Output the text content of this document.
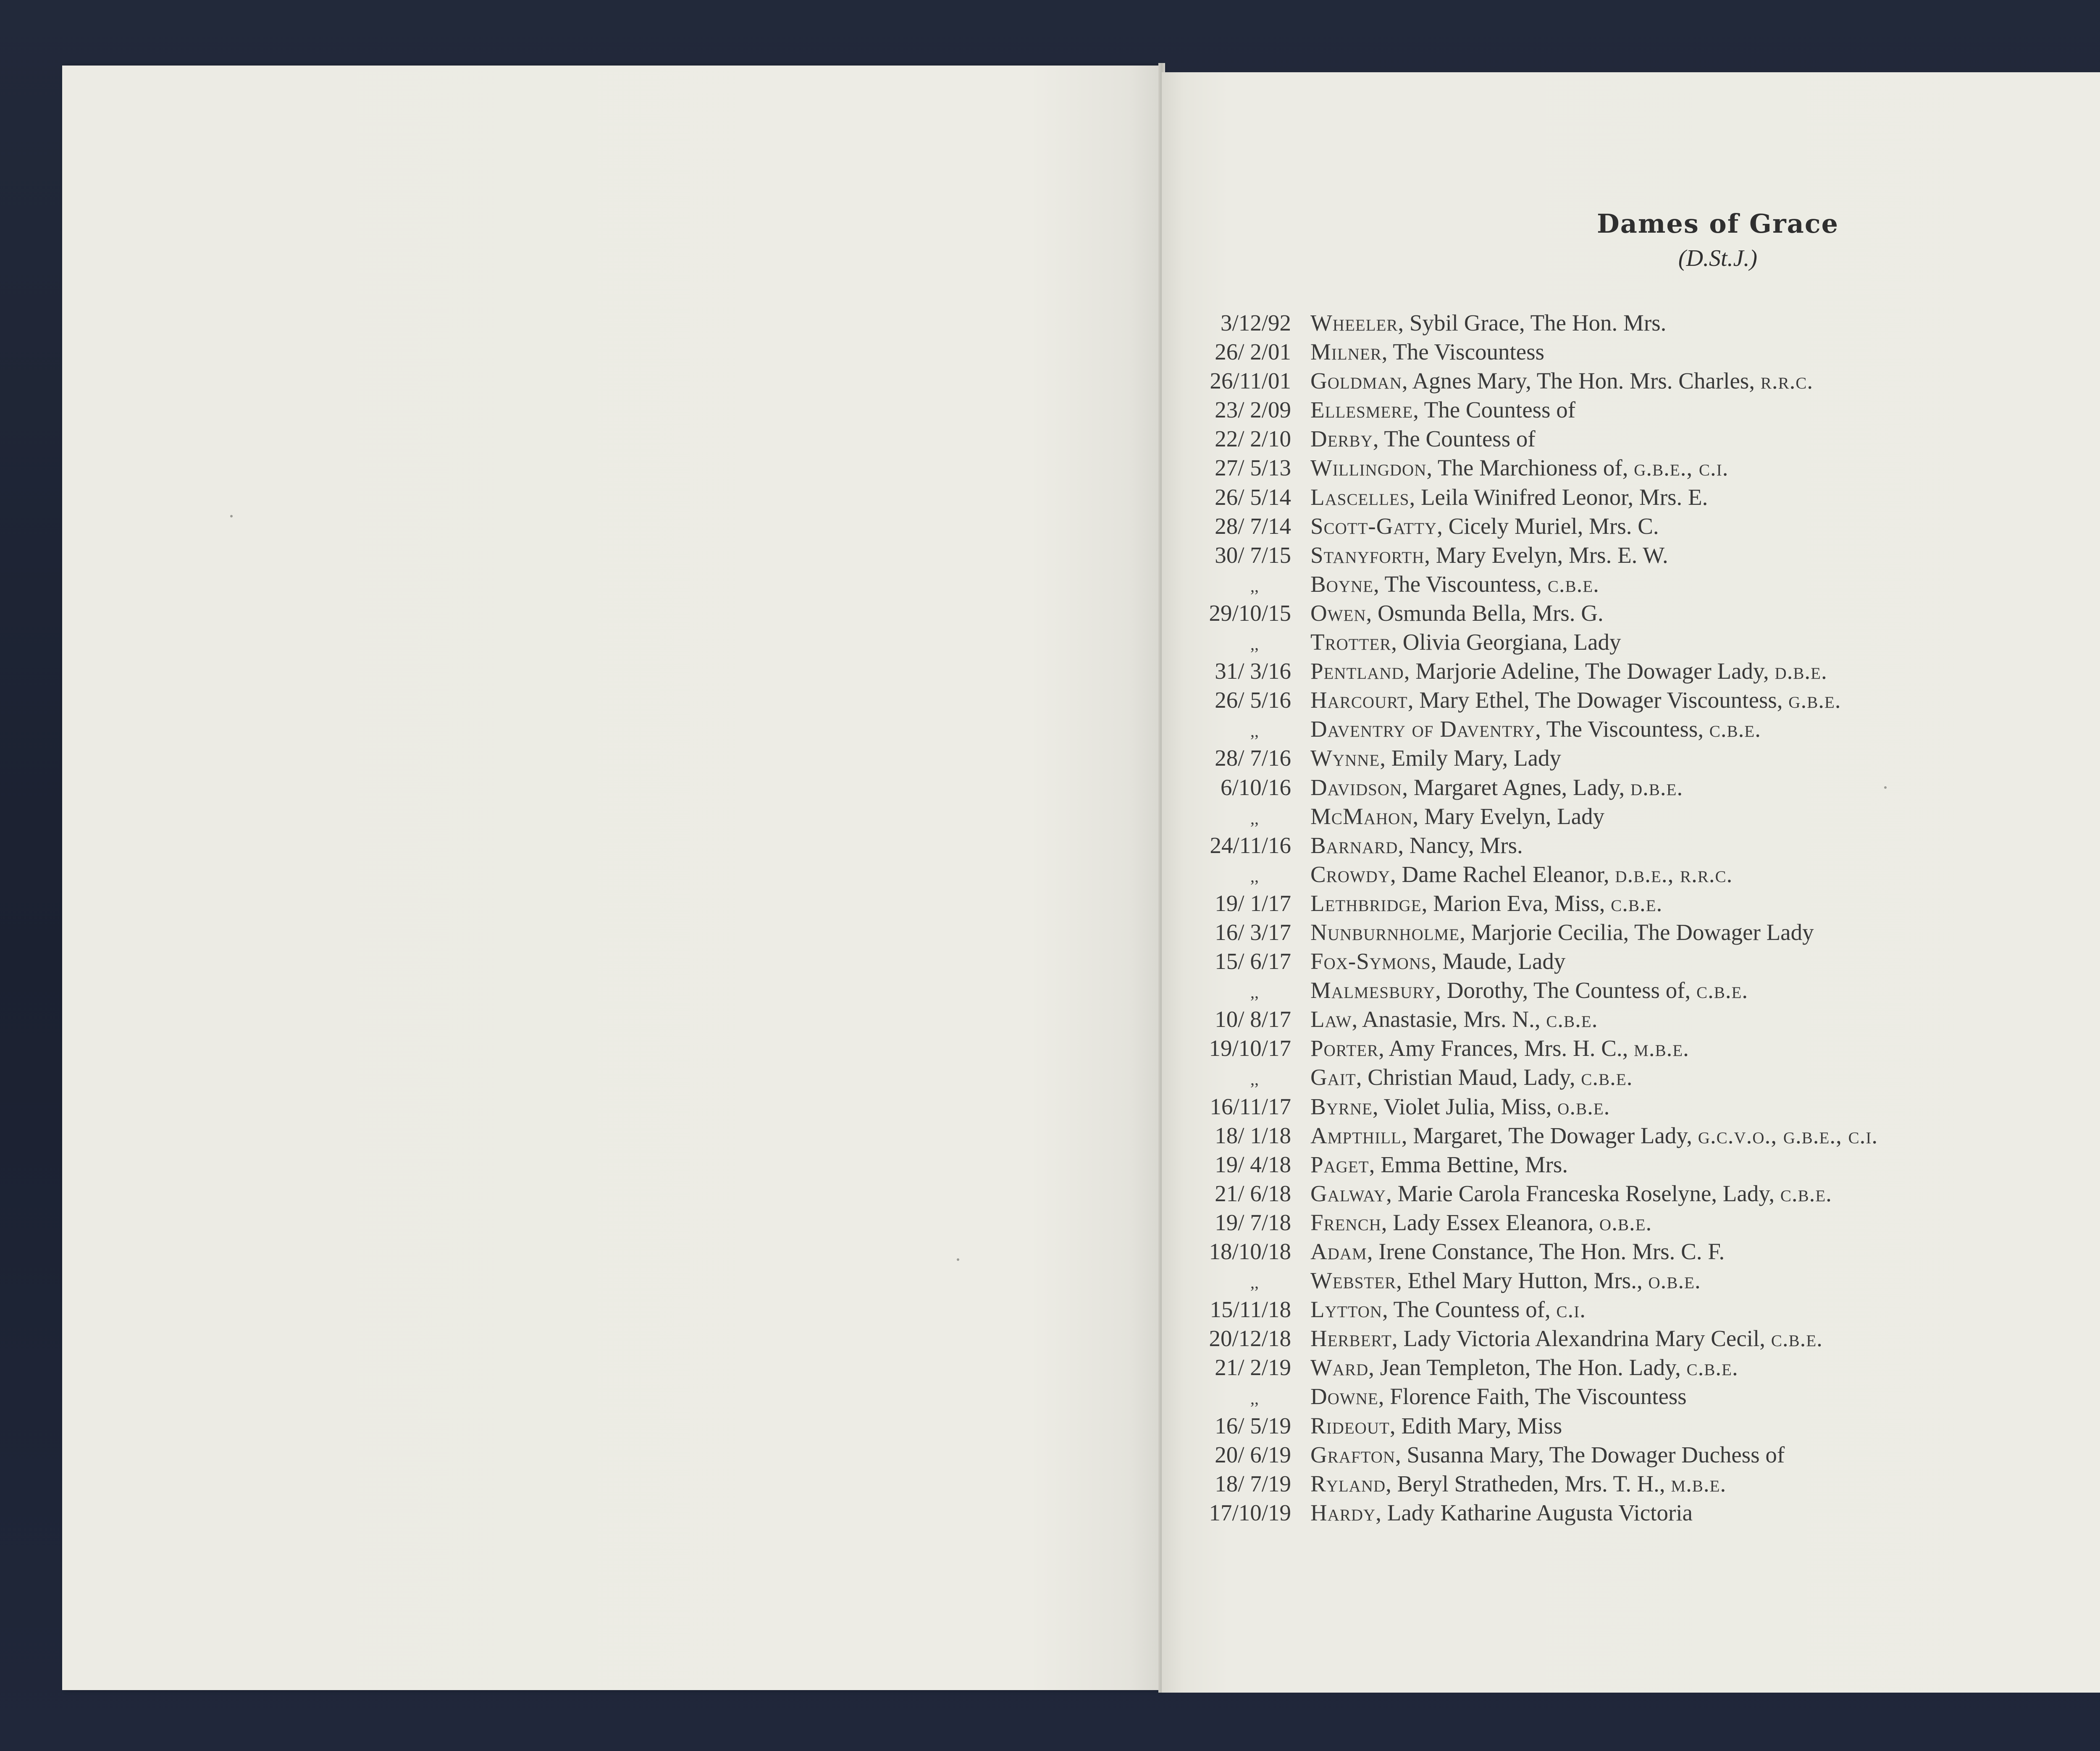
Dames of Grace
(D.St.J.)
3/12/92 Wheeler, Sybil Grace, The Hon. Mrs.
26/ 2/01 Milner, The Viscountess
26/11/01 Goldman, Agnes Mary, The Hon. Mrs. Charles, r.r.c.
23/ 2/09 Ellesmere, The Countess of
22/ 2/10 Derby, The Countess of
27/ 5/13 Willingdon, The Marchioness of, g.b.e., c.i.
26/ 5/14 Lascelles, Leila Winifred Leonor, Mrs. E.
28/ 7/14 Scott-Gatty, Cicely Muriel, Mrs. C.
30/ 7/15 Stanyforth, Mary Evelyn, Mrs. E. W.
,,	Boyne, The Viscountess, c.b.e.
29/10/15 Owen, Osmunda Bella, Mrs. G.
,,	Trotter, Olivia Georgiana, Lady
31/ 3/16 Pentland, Marjorie Adeline, The Dowager Lady, d.b.e.
26/ 5/16 Harcourt, Mary Ethel, The Dowager Viscountess, g.b.e.
,,	Daventry of Daventry, The Viscountess, c.b.e.
28/ 7/16 Wynne, Emily Mary, Lady
6/10/16 Davidson, Margaret Agnes, Lady, d.b.e.
,,	McMahon, Mary Evelyn, Lady
24/11/16 Barnard, Nancy, Mrs.
,,	Crowdy, Dame Rachel Eleanor, d.b.e., r.r.c.
19/ 1/17 Lethbridge, Marion Eva, Miss, c.b.e.
16/ 3/17 Nunburnholme, Marjorie Cecilia, The Dowager Lady
15/ 6/17 Fox-Symons, Maude, Lady
,,	Malmesbury, Dorothy, The Countess of, c.b.e.
10/ 8/17 Law, Anastasie, Mrs. N., c.b.e.
19/10/17 Porter, Amy Frances, Mrs. H. C., m.b.e.
,,	Gait, Christian Maud, Lady, c.b.e.
16/11/17 Byrne, Violet Julia, Miss, o.b.e.
18/ 1/18 Ampthill, Margaret, The Dowager Lady, g.c.v.o., g.b.e., c.i.
19/ 4/18 Paget, Emma Bettine, Mrs.
21/ 6/18 Galway, Marie Carola Franceska Roselyne, Lady, c.b.e.
19/ 7/18 French, Lady Essex Eleanora, o.b.e.
18/10/18 Adam, Irene Constance, The Hon. Mrs. C. F.
,,	Webster, Ethel Mary Hutton, Mrs., o.b.e.
15/11/18 Lytton, The Countess of, c.i.
20/12/18 Herbert, Lady Victoria Alexandrina Mary Cecil, c.b.e.
21/ 2/19 Ward, Jean Templeton, The Hon. Lady, c.b.e.
,,	Downe, Florence Faith, The Viscountess
16/ 5/19 Rideout, Edith Mary, Miss
20/ 6/19 Grafton, Susanna Mary, The Dowager Duchess of
18/ 7/19 Ryland, Beryl Stratheden, Mrs. T. H., m.b.e.
17/10/19 Hardy, Lady Katharine Augusta Victoria
